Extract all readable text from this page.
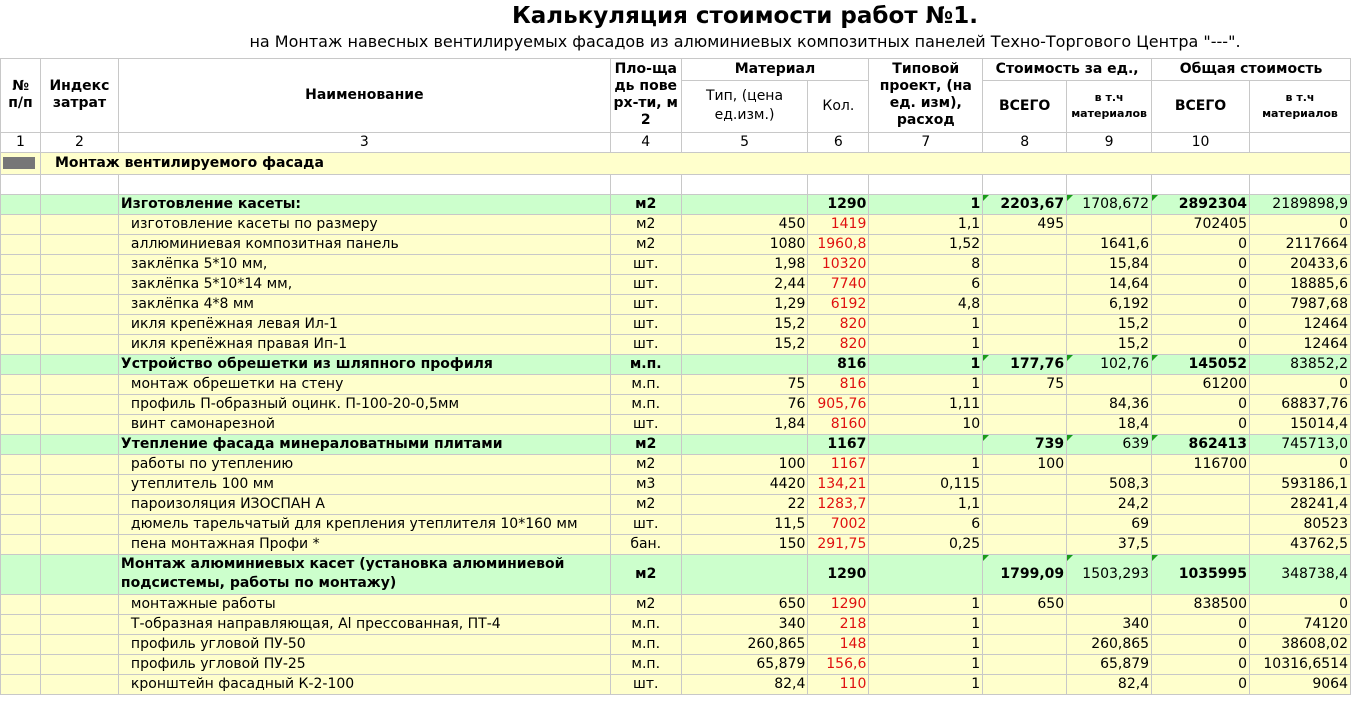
№ п/п	Индекс затрат	Наименование	Пло-щадь поверх-ти, м2	Материал		Типовой проект, (на ед. изм), расход	Стоимость за ед.,		Общая стоимость	
				Тип, (цена ед.изм.)	Кол.		ВСЕГО	в т.ч материалов	ВСЕГО	в т.ч материалов
1	2	3	4	5	6	7	8	9	10	
	Монтаж вентилируемого фасада									

		Изготовление касеты:	м2		1290	1	2203,67	1708,672	2892304	2189898,9
		изготовление касеты по размеру	м2	450	1419	1,1	495		702405	0
		аллюминиевая композитная панель	м2	1080	1960,8	1,52		1641,6	0	2117664
		заклёпка 5*10 мм,	шт.	1,98	10320	8		15,84	0	20433,6
		заклёпка 5*10*14 мм,	шт.	2,44	7740	6		14,64	0	18885,6
		заклёпка 4*8 мм	шт.	1,29	6192	4,8		6,192	0	7987,68
		икля крепёжная левая Ил-1	шт.	15,2	820	1		15,2	0	12464
		икля крепёжная правая Ип-1	шт.	15,2	820	1		15,2	0	12464
		Устройство обрешетки из шляпного профиля	м.п.		816	1	177,76	102,76	145052	83852,2
		монтаж обрешетки на стену	м.п.	75	816	1	75		61200	0
		профиль П-образный оцинк. П-100-20-0,5мм	м.п.	76	905,76	1,11		84,36	0	68837,76
		винт самонарезной	шт.	1,84	8160	10		18,4	0	15014,4
		Утепление фасада минераловатными плитами	м2		1167		739	639	862413	745713,0
		работы по утеплению	м2	100	1167	1	100		116700	0
		утеплитель 100 мм	м3	4420	134,21	0,115		508,3		593186,1
		пароизоляция ИЗОСПАН А	м2	22	1283,7	1,1		24,2		28241,4
		дюмель тарельчатый для крепления утеплителя 10*160 мм	шт.	11,5	7002	6		69		80523
		пена монтажная Профи *	бан.	150	291,75	0,25		37,5		43762,5
		Монтаж алюминиевых касет (установка алюминиевой подсистемы, работы по монтажу)	м2		1290		1799,09	1503,293	1035995	348738,4
		монтажные работы	м2	650	1290	1	650		838500	0
		Т-образная направляющая, Al прессованная, ПТ-4	м.п.	340	218	1		340	0	74120
		профиль угловой ПУ-50	м.п.	260,865	148	1		260,865	0	38608,02
		профиль угловой ПУ-25	м.п.	65,879	156,6	1		65,879	0	10316,6514
		кронштейн фасадный К-2-100	шт.	82,4	110	1		82,4	0	9064
Калькуляция стоимости работ №1.
на Монтаж навесных вентилируемых фасадов из алюминиевых композитных панелей Техно-Торгового Центра "---".
